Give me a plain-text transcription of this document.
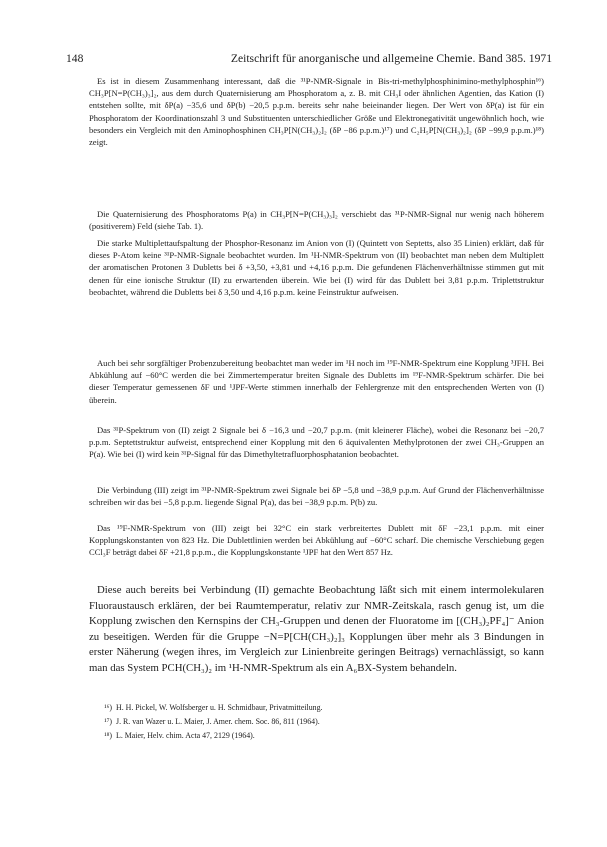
148	Zeitschrift für anorganische und allgemeine Chemie. Band 385. 1971

Es ist in diesem Zusammenhang interessant, daß die ³¹P-NMR-Signale in Bis-tri-methylphosphinimino-methylphosphin¹⁶) CH₃P[N=P(CH₃)₃]₂, aus dem durch Quaternisierung am Phosphoratom a, z. B. mit CH₃I oder ähnlichen Agentien, das Kation (I) entstehen sollte, mit δP(a) −35,6 und δP(b) −20,5 p.p.m. bereits sehr nahe beieinander liegen. Der Wert von δP(a) ist für ein Phosphoratom der Koordinationszahl 3 und Substituenten unterschiedlicher Größe und Elektronegativität ungewöhnlich hoch, wie besonders ein Vergleich mit den Aminophosphinen CH₃P[N(CH₃)₂]₂ (δP −86 p.p.m.)¹⁷) und C₂H₅P[N(CH₃)₂]₂ (δP −99,9 p.p.m.)¹⁸) zeigt.

Die Quaternisierung des Phosphoratoms P(a) in CH₃P[N=P(CH₃)₃]₂ verschiebt das ³¹P-NMR-Signal nur wenig nach höherem (positiverem) Feld (siehe Tab. 1).

Die starke Multiplettaufspaltung der Phosphor-Resonanz im Anion von (I) (Quintett von Septetts, also 35 Linien) erklärt, daß für dieses P-Atom keine ³¹P-NMR-Signale beobachtet wurden. Im ¹H-NMR-Spektrum von (II) beobachtet man neben dem Multiplett der aromatischen Protonen 3 Dubletts bei δ +3,50, +3,81 und +4,16 p.p.m. Die gefundenen Flächenverhältnisse stimmen gut mit denen für eine ionische Struktur (II) zu erwartenden überein. Wie bei (I) wird für das Dublett bei 3,81 p.p.m. Triplettstruktur beobachtet, während die Dubletts bei δ 3,50 und 4,16 p.p.m. keine Feinstruktur aufweisen.

Auch bei sehr sorgfältiger Probenzubereitung beobachtet man weder im ¹H noch im ¹⁹F-NMR-Spektrum eine Kopplung ³JFH. Bei Abkühlung auf −60°C werden die bei Zimmertemperatur breiten Signale des Dubletts im ¹⁹F-NMR-Spektrum schärfer. Die bei dieser Temperatur gemessenen δF und ¹JPF-Werte stimmen innerhalb der Fehlergrenze mit den entsprechenden Werten von (I) überein.

Das ³¹P-Spektrum von (II) zeigt 2 Signale bei δ −16,3 und −20,7 p.p.m. (mit kleinerer Fläche), wobei die Resonanz bei −20,7 p.p.m. Septettstruktur aufweist, entsprechend einer Kopplung mit den 6 äquivalenten Methylprotonen der zwei CH₃-Gruppen an P(a). Wie bei (I) wird kein ³¹P-Signal für das Dimethyltetrafluorphosphatanion beobachtet.

Die Verbindung (III) zeigt im ³¹P-NMR-Spektrum zwei Signale bei δP −5,8 und −38,9 p.p.m. Auf Grund der Flächenverhältnisse schreiben wir das bei −5,8 p.p.m. liegende Signal P(a), das bei −38,9 p.p.m. P(b) zu.

Das ¹⁹F-NMR-Spektrum von (III) zeigt bei 32°C ein stark verbreitertes Dublett mit δF −23,1 p.p.m. mit einer Kopplungskonstanten von 823 Hz. Die Dublettlinien werden bei Abkühlung auf −60°C scharf. Die chemische Verschiebung gegen CCl₃F beträgt dabei δF +21,8 p.p.m., die Kopplungskonstante ¹JPF hat den Wert 857 Hz.

Diese auch bereits bei Verbindung (II) gemachte Beobachtung läßt sich mit einem intermolekularen Fluoraustausch erklären, der bei Raumtemperatur, relativ zur NMR-Zeitskala, rasch genug ist, um die Kopplung zwischen den Kernspins der CH₃-Gruppen und denen der Fluoratome im [(CH₃)₂PF₄]⁻ Anion zu beseitigen. Werden für die Gruppe −N=P[CH(CH₃)₂]₃ Kopplungen über mehr als 3 Bindungen in erster Näherung (wegen ihres, im Vergleich zur Linienbreite geringen Beitrags) vernachlässigt, so kann man das System PCH(CH₃)₂ im ¹H-NMR-Spektrum als ein A₆BX-System behandeln.

¹⁶) H. H. Pickel, W. Wolfsberger u. H. Schmidbaur, Privatmitteilung.

¹⁷) J. R. van Wazer u. L. Maier, J. Amer. chem. Soc. 86, 811 (1964).

¹⁸) L. Maier, Helv. chim. Acta 47, 2129 (1964).
